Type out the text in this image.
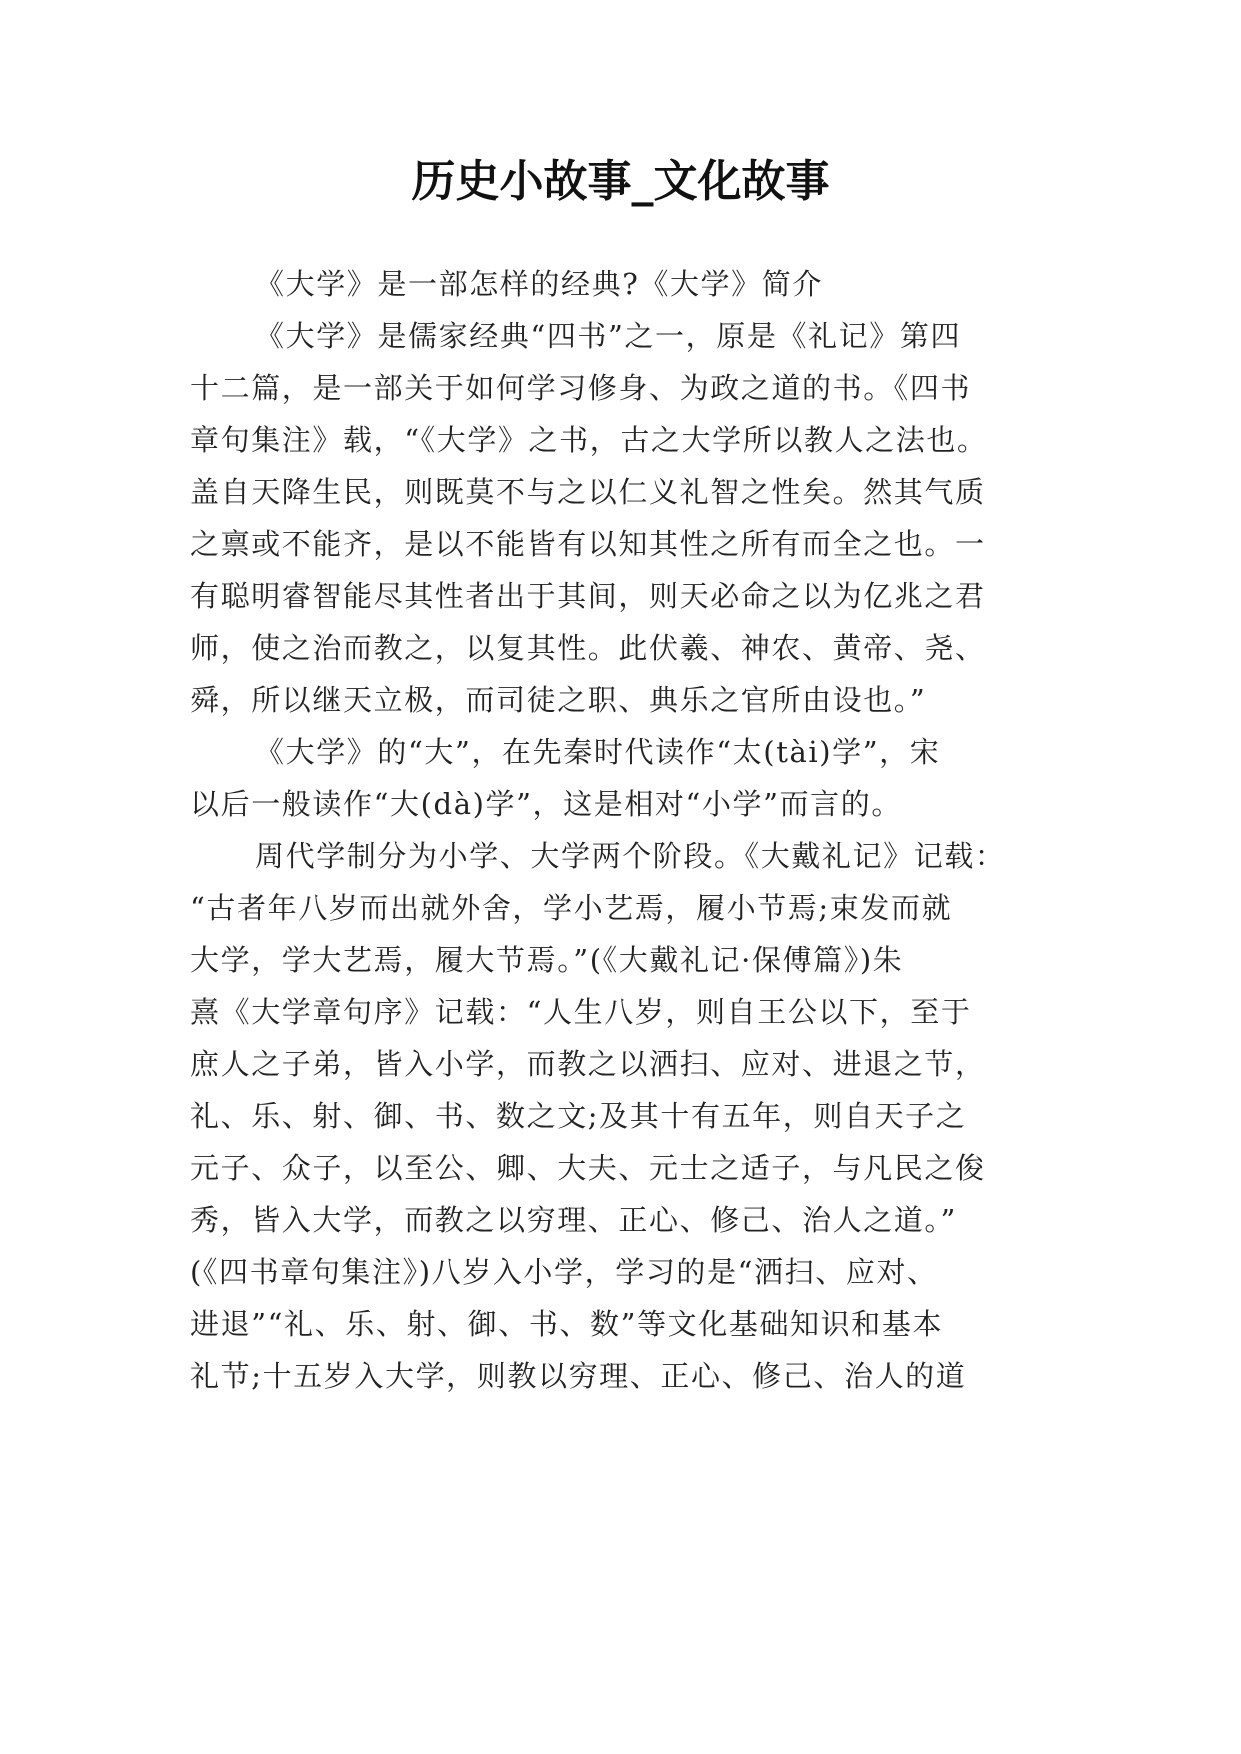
历史小故事_文化故事
《大学》是一部怎样的经典?《大学》简介
《大学》是儒家经典“四书”之一，原是《礼记》第四
十二篇，是一部关于如何学习修身、为政之道的书。《四书
章句集注》载，“《大学》之书，古之大学所以教人之法也。
盖自天降生民，则既莫不与之以仁义礼智之性矣。然其气质
之禀或不能齐，是以不能皆有以知其性之所有而全之也。一
有聪明睿智能尽其性者出于其间，则天必命之以为亿兆之君
师，使之治而教之，以复其性。此伏羲、神农、黄帝、尧、
舜，所以继天立极，而司徒之职、典乐之官所由设也。”
《大学》的“大”，在先秦时代读作“太(tài)学”，宋
以后一般读作“大(dà)学”，这是相对“小学”而言的。
周代学制分为小学、大学两个阶段。《大戴礼记》记载：
“古者年八岁而出就外舍，学小艺焉，履小节焉;束发而就
大学，学大艺焉，履大节焉。”(《大戴礼记·保傅篇》)朱
熹《大学章句序》记载：“人生八岁，则自王公以下，至于
庶人之子弟，皆入小学，而教之以洒扫、应对、进退之节，
礼、乐、射、御、书、数之文;及其十有五年，则自天子之
元子、众子，以至公、卿、大夫、元士之适子，与凡民之俊
秀，皆入大学，而教之以穷理、正心、修己、治人之道。”
(《四书章句集注》)八岁入小学，学习的是“洒扫、应对、
进退”“礼、乐、射、御、书、数”等文化基础知识和基本
礼节;十五岁入大学，则教以穷理、正心、修己、治人的道
